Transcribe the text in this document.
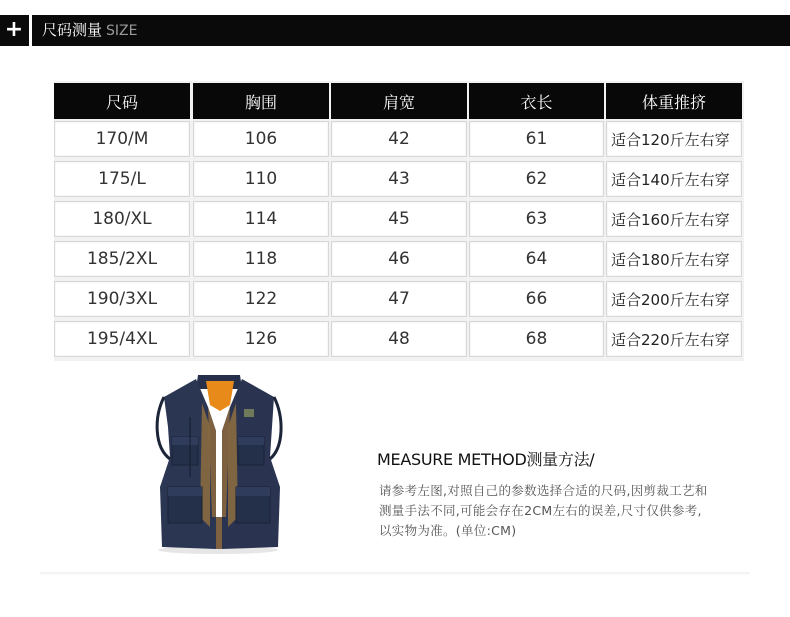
+	尺码测量 SIZE
尺码	胸围	肩宽	衣长	体重推挤
170/M	106	42	61	适合120斤左右穿
175/L	110	43	62	适合140斤左右穿
180/XL	114	45	63	适合160斤左右穿
185/2XL	118	46	64	适合180斤左右穿
190/3XL	122	47	66	适合200斤左右穿
195/4XL	126	48	68	适合220斤左右穿
MEASURE METHOD测量方法/
请参考左图,对照自己的参数选择合适的尺码,因剪裁工艺和
测量手法不同,可能会存在2CM左右的误差,尺寸仅供参考,
以实物为准。(单位:CM)
